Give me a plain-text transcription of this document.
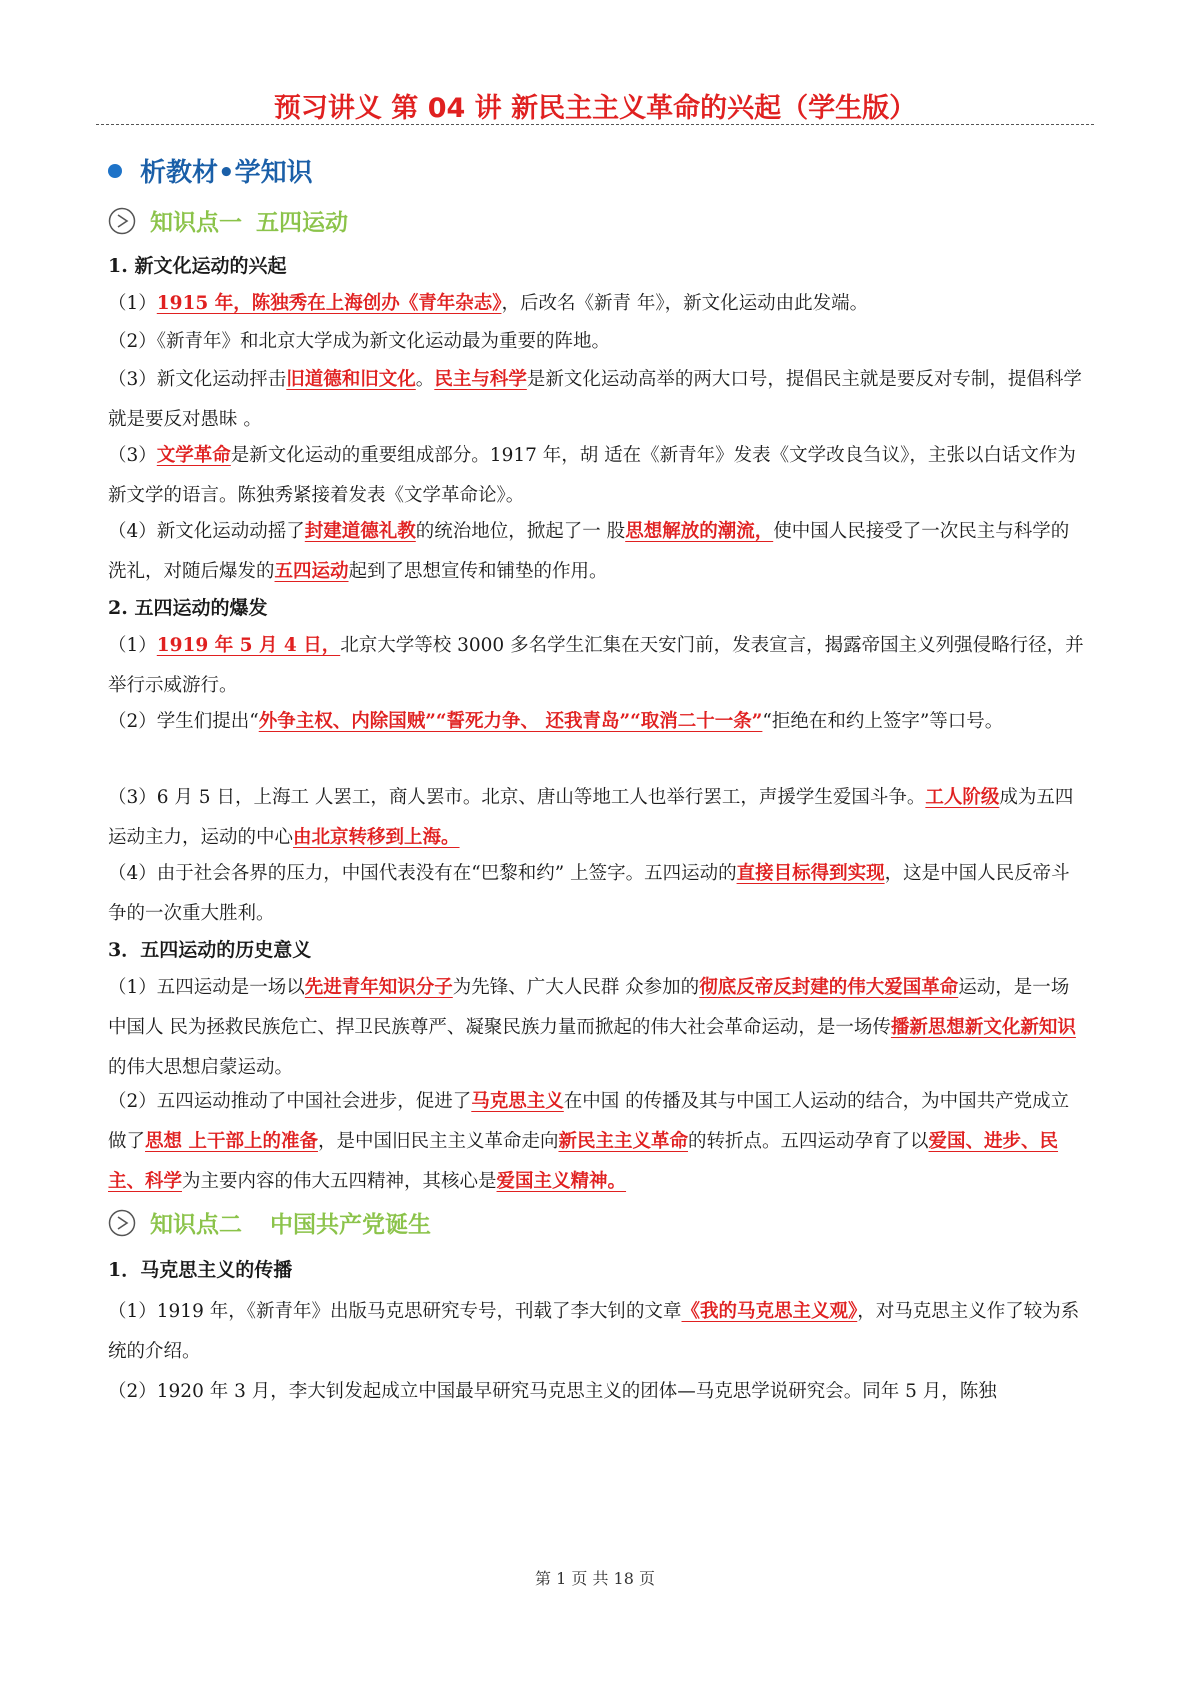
预习讲义 第 04 讲 新民主主义革命的兴起（学生版）
析教材•学知识
知识点一 五四运动
1. 新文化运动的兴起
（1）1915 年，陈独秀在上海创办《青年杂志》，后改名《新青 年》，新文化运动由此发端。
（2）《新青年》和北京大学成为新文化运动最为重要的阵地。
（3）新文化运动抨击旧道德和旧文化。民主与科学是新文化运动高举的两大口号，提倡民主就是要反对专制，提倡科学就是要反对愚昧 。
（3）文学革命是新文化运动的重要组成部分。1917 年，胡 适在《新青年》发表《文学改良刍议》，主张以白话文作为 新文学的语言。陈独秀紧接着发表《文学革命论》。
（4）新文化运动动摇了封建道德礼教的统治地位，掀起了一 股思想解放的潮流，使中国人民接受了一次民主与科学的洗礼，对随后爆发的五四运动起到了思想宣传和铺垫的作用。
2. 五四运动的爆发
（1）1919 年 5 月 4 日，北京大学等校 3000 多名学生汇集在天安门前，发表宣言，揭露帝国主义列强侵略行径，并举行示威游行。
（2）学生们提出“外争主权、内除国贼”“誓死力争、 还我青岛”“取消二十一条”“拒绝在和约上签字”等口号。
（3）6 月 5 日，上海工 人罢工，商人罢市。北京、唐山等地工人也举行罢工，声援学生爱国斗争。工人阶级成为五四运动主力，运动的中心由北京转移到上海。
（4）由于社会各界的压力，中国代表没有在“巴黎和约” 上签字。五四运动的直接目标得到实现，这是中国人民反帝斗争的一次重大胜利。
3．五四运动的历史意义
（1）五四运动是一场以先进青年知识分子为先锋、广大人民群 众参加的彻底反帝反封建的伟大爱国革命运动，是一场中国人 民为拯救民族危亡、捍卫民族尊严、凝聚民族力量而掀起的伟大社会革命运动，是一场传播新思想新文化新知识的伟大思想启蒙运动。
（2）五四运动推动了中国社会进步，促进了马克思主义在中国 的传播及其与中国工人运动的结合，为中国共产党成立做了思想 上干部上的准备，是中国旧民主主义革命走向新民主主义革命的转折点。五四运动孕育了以爱国、进步、民主、科学为主要内容的伟大五四精神，其核心是爱国主义精神。
知识点二 中国共产党诞生
1．马克思主义的传播
（1）1919 年，《新青年》出版马克思研究专号，刊载了李大钊的文章《我的马克思主义观》，对马克思主义作了较为系统的介绍。
（2）1920 年 3 月，李大钊发起成立中国最早研究马克思主义的团体—马克思学说研究会。同年 5 月，陈独
第 1 页 共 18 页
